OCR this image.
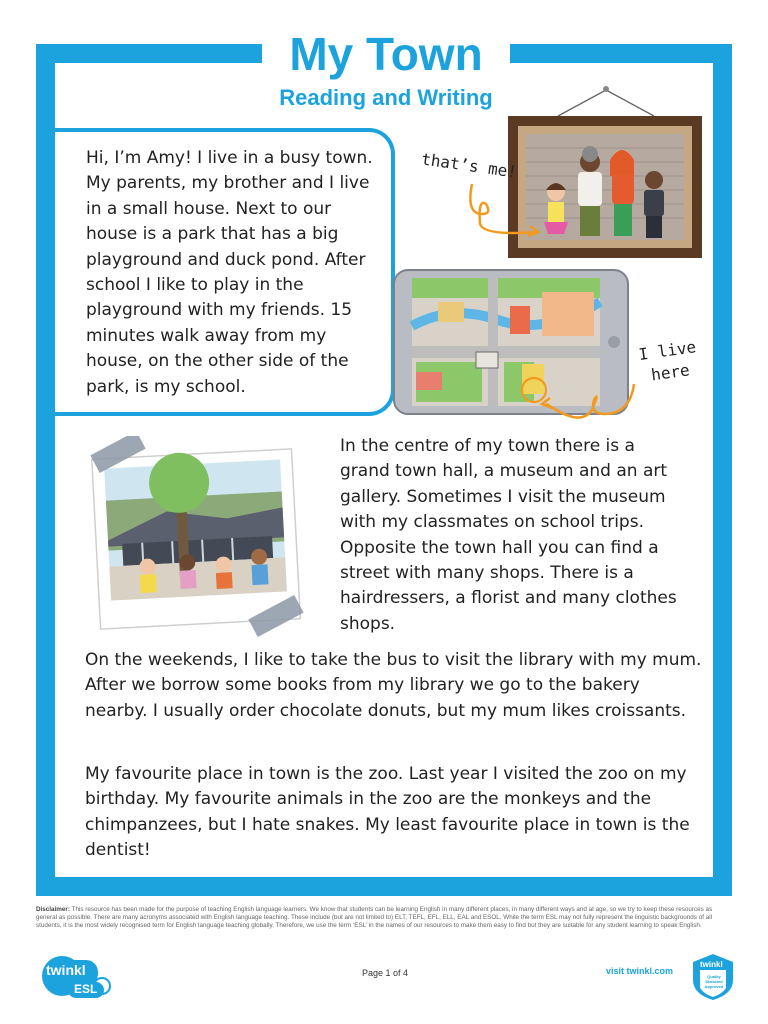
My Town
Reading and Writing
Hi, I’m Amy! I live in a busy town. My parents, my brother and I live in a small house. Next to our house is a park that has a big playground and duck pond. After school I like to play in the playground with my friends. 15 minutes walk away from my house, on the other side of the park, is my school.
that’s me!
I live
here
In the centre of my town there is a grand town hall, a museum and an art gallery. Sometimes I visit the museum with my classmates on school trips. Opposite the town hall you can find a street with many shops. There is a hairdressers, a florist and many clothes shops.
On the weekends, I like to take the bus to visit the library with my mum. After we borrow some books from my library we go to the bakery nearby. I usually order chocolate donuts, but my mum likes croissants.
My favourite place in town is the zoo. Last year I visited the zoo on my birthday. My favourite animals in the zoo are the monkeys and the chimpanzees, but I hate snakes. My least favourite place in town is the dentist!
Disclaimer: This resource has been made for the purpose of teaching English language learners. We know that students can be learning English in many different places, in many different ways and at age, so we try to keep these resources as general as possible. There are many acronyms associated with English language teaching. These include (but are not limited to) ELT, TEFL, EFL, ELL, EAL and ESOL. While the term ESL may not fully represent the linguistic backgrounds of all students, it is the most widely recognised term for English language teaching globally. Therefore, we use the term ‘ESL’ in the names of our resources to make them easy to find but they are suitable for any student learning to speak English.
twinkl
ESL
Page 1 of 4	visit twinkl.com
twinkl
Quality Standard Approved
